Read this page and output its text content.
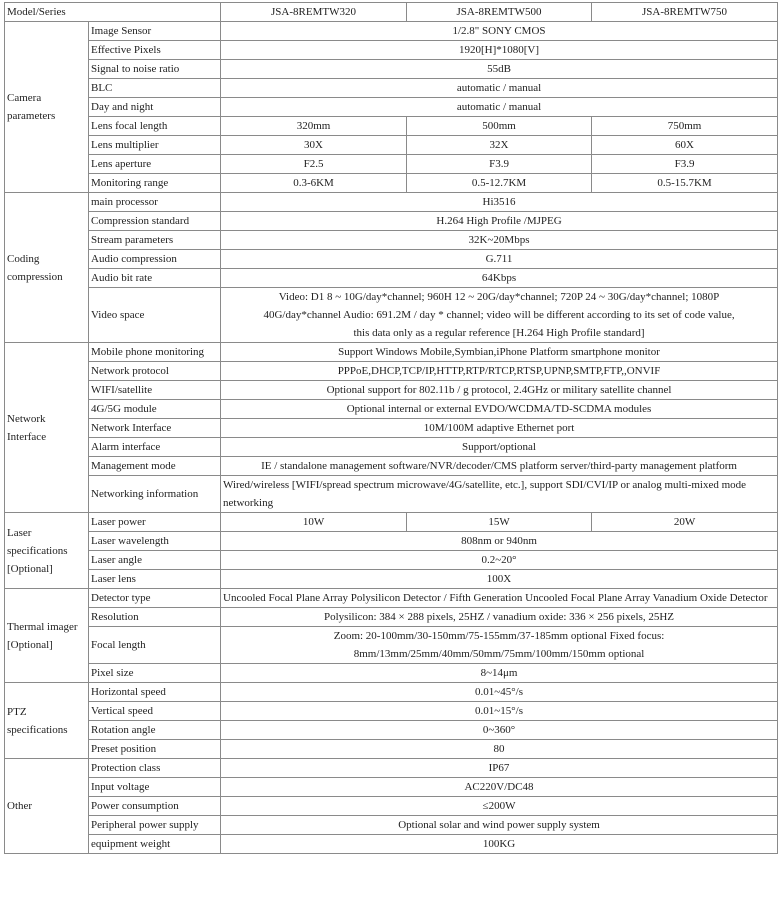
Model/Series		JSA-8REMTW320	JSA-8REMTW500	JSA-8REMTW750
Camera parameters	Image Sensor	1/2.8" SONY CMOS		
	Effective Pixels	1920[H]*1080[V]		
	Signal to noise ratio	55dB		
	BLC	automatic / manual		
	Day and night	automatic / manual		
	Lens focal length	320mm	500mm	750mm
	Lens multiplier	30X	32X	60X
	Lens aperture	F2.5	F3.9	F3.9
	Monitoring range	0.3-6KM	0.5-12.7KM	0.5-15.7KM
Coding compression	main processor	Hi3516		
	Compression standard	H.264 High Profile /MJPEG		
	Stream parameters	32K~20Mbps		
	Audio compression	G.711		
	Audio bit rate	64Kbps		
	Video space	Video: D1 8 ~ 10G/day*channel; 960H 12 ~ 20G/day*channel; 720P 24 ~ 30G/day*channel; 1080P 40G/day*channel Audio: 691.2M / day * channel; video will be different according to its set of code value, this data only as a regular reference [H.264 High Profile standard]		
Network Interface	Mobile phone monitoring	Support Windows Mobile,Symbian,iPhone Platform smartphone monitor		
	Network protocol	PPPoE,DHCP,TCP/IP,HTTP,RTP/RTCP,RTSP,UPNP,SMTP,FTP,,ONVIF		
	WIFI/satellite	Optional support for 802.11b / g protocol, 2.4GHz or military satellite channel		
	4G/5G module	Optional internal or external EVDO/WCDMA/TD-SCDMA modules		
	Network Interface	10M/100M adaptive Ethernet port		
	Alarm interface	Support/optional		
	Management mode	IE / standalone management software/NVR/decoder/CMS platform server/third-party management platform		
	Networking information	Wired/wireless [WIFI/spread spectrum microwave/4G/satellite, etc.], support SDI/CVI/IP or analog multi-mixed mode networking		
Laser specifications [Optional]	Laser power	10W	15W	20W
	Laser wavelength	808nm or 940nm		
	Laser angle	0.2~20°		
	Laser lens	100X		
Thermal imager [Optional]	Detector type	Uncooled Focal Plane Array Polysilicon Detector / Fifth Generation Uncooled Focal Plane Array Vanadium Oxide Detector		
	Resolution	Polysilicon: 384 × 288 pixels, 25HZ / vanadium oxide: 336 × 256 pixels, 25HZ		
	Focal length	Zoom: 20-100mm/30-150mm/75-155mm/37-185mm optional Fixed focus: 8mm/13mm/25mm/40mm/50mm/75mm/100mm/150mm optional		
	Pixel size	8~14μm		
PTZ specifications	Horizontal speed	0.01~45°/s		
	Vertical speed	0.01~15°/s		
	Rotation angle	0~360°		
	Preset position	80		
Other	Protection class	IP67		
	Input voltage	AC220V/DC48		
	Power consumption	≤200W		
	Peripheral power supply	Optional solar and wind power supply system		
	equipment weight	100KG		
